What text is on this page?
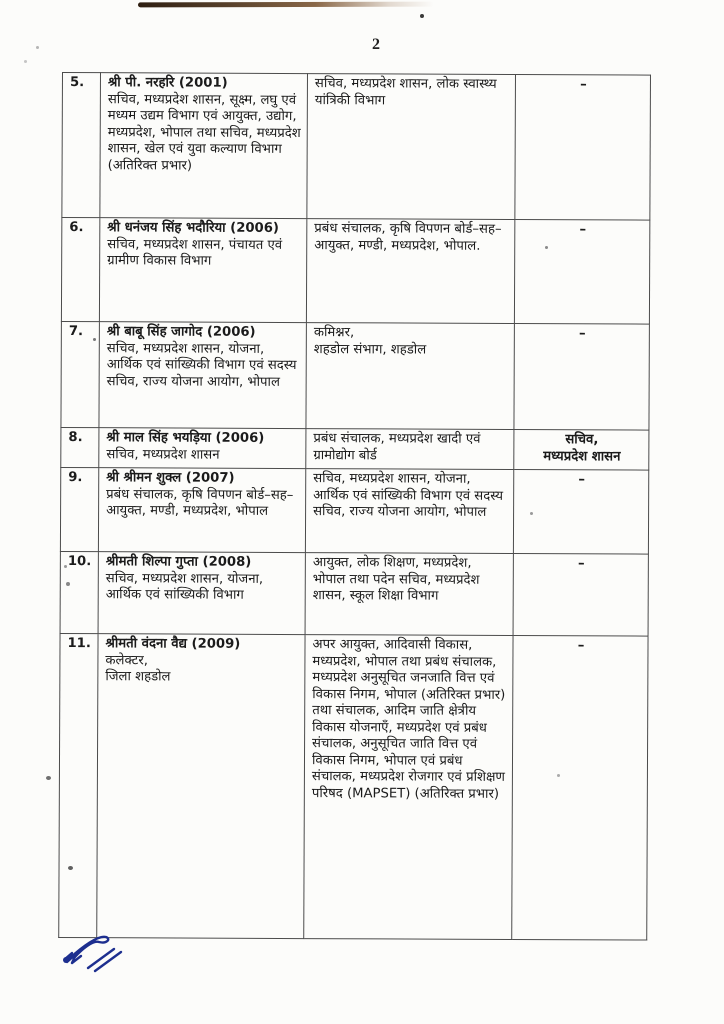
2
5.	श्री पी. नरहरि (2001)
सचिव, मध्यप्रदेश शासन, सूक्ष्म, लघु एवं मध्यम उद्यम विभाग एवं आयुक्त, उद्योग, मध्यप्रदेश, भोपाल तथा सचिव, मध्यप्रदेश शासन, खेल एवं युवा कल्याण विभाग (अतिरिक्त प्रभार)	सचिव, मध्यप्रदेश शासन, लोक स्वास्थ्य यांत्रिकी विभाग	–
6.	श्री धनंजय सिंह भदौरिया (2006)
सचिव, मध्यप्रदेश शासन, पंचायत एवं ग्रामीण विकास विभाग	प्रबंध संचालक, कृषि विपणन बोर्ड–सह–आयुक्त, मण्डी, मध्यप्रदेश, भोपाल.	–
7.	श्री बाबू सिंह जागोद (2006)
सचिव, मध्यप्रदेश शासन, योजना, आर्थिक एवं सांख्यिकी विभाग एवं सदस्य सचिव, राज्य योजना आयोग, भोपाल
	कमिश्नर,
शहडोल संभाग, शहडोल	–
8.	श्री माल सिंह भयड़िया (2006)
सचिव, मध्यप्रदेश शासन
	प्रबंध संचालक, मध्यप्रदेश खादी एवं ग्रामोद्योग बोर्ड	सचिव,
मध्यप्रदेश शासन
9.	श्री श्रीमन शुक्ल (2007)
प्रबंध संचालक, कृषि विपणन बोर्ड–सह–आयुक्त, मण्डी, मध्यप्रदेश, भोपाल	सचिव, मध्यप्रदेश शासन, योजना, आर्थिक एवं सांख्यिकी विभाग एवं सदस्य सचिव, राज्य योजना आयोग, भोपाल	–
10.	श्रीमती शिल्पा गुप्ता (2008)
सचिव, मध्यप्रदेश शासन, योजना, आर्थिक एवं सांख्यिकी विभाग	आयुक्त, लोक शिक्षण, मध्यप्रदेश, भोपाल तथा पदेन सचिव, मध्यप्रदेश शासन, स्कूल शिक्षा विभाग	–
11.	श्रीमती वंदना वैद्य (2009)
कलेक्टर,
जिला शहडोल
	अपर आयुक्त, आदिवासी विकास, मध्यप्रदेश, भोपाल तथा प्रबंध संचालक, मध्यप्रदेश अनुसूचित जनजाति वित्त एवं विकास निगम, भोपाल (अतिरिक्त प्रभार) तथा संचालक, आदिम जाति क्षेत्रीय विकास योजनाएँ, मध्यप्रदेश एवं प्रबंध संचालक, अनुसूचित जाति वित्त एवं विकास निगम, भोपाल एवं प्रबंध संचालक, मध्यप्रदेश रोजगार एवं प्रशिक्षण परिषद (MAPSET) (अतिरिक्त प्रभार)	–
